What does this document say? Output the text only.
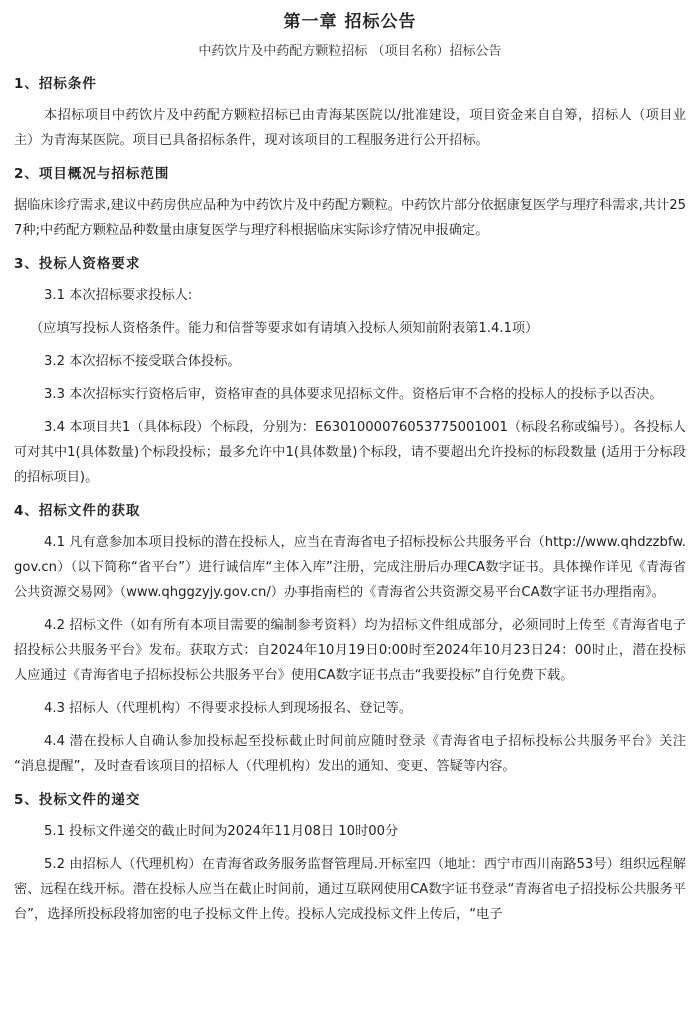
第一章 招标公告
中药饮片及中药配方颗粒招标 （项目名称）招标公告
1、招标条件

本招标项目中药饮片及中药配方颗粒招标已由青海某医院以/批准建设，项目资金来自自筹，招标人（项目业主）为青海某医院。项目已具备招标条件，现对该项目的工程服务进行公开招标。

2、项目概况与招标范围

据临床诊疗需求,建议中药房供应品种为中药饮片及中药配方颗粒。中药饮片部分依据康复医学与理疗科需求,共计257种;中药配方颗粒品种数量由康复医学与理疗科根据临床实际诊疗情况申报确定。

3、投标人资格要求

3.1 本次招标要求投标人:

（应填写投标人资格条件。能力和信誉等要求如有请填入投标人须知前附表第1.4.1项）

3.2 本次招标不接受联合体投标。

3.3 本次招标实行资格后审，资格审查的具体要求见招标文件。资格后审不合格的投标人的投标予以否决。

3.4 本项目共1（具体标段）个标段，分别为：E6301000076053775001001（标段名称或编号）。各投标人可对其中1(具体数量)个标段投标；最多允许中1(具体数量)个标段，请不要超出允许投标的标段数量 (适用于分标段的招标项目)。

4、招标文件的获取

4.1 凡有意参加本项目投标的潜在投标人，应当在青海省电子招标投标公共服务平台（http://www.qhdzzbfw.gov.cn）（以下简称“省平台”）进行诚信库“主体入库”注册，完成注册后办理CA数字证书。具体操作详见《青海省公共资源交易网》（www.qhggzyjy.gov.cn/）办事指南栏的《青海省公共资源交易平台CA数字证书办理指南》。

4.2 招标文件（如有所有本项目需要的编制参考资料）均为招标文件组成部分，必须同时上传至《青海省电子招投标公共服务平台》发布。获取方式：自2024年10月19日0:00时至2024年10月23日24：00时止，潜在投标人应通过《青海省电子招标投标公共服务平台》使用CA数字证书点击“我要投标”自行免费下载。

4.3 招标人（代理机构）不得要求投标人到现场报名、登记等。

4.4 潜在投标人自确认参加投标起至投标截止时间前应随时登录《青海省电子招标投标公共服务平台》关注 “消息提醒”，及时查看该项目的招标人（代理机构）发出的通知、变更、答疑等内容。

5、投标文件的递交

5.1 投标文件递交的截止时间为2024年11月08日 10时00分

5.2 由招标人（代理机构）在青海省政务服务监督管理局.开标室四（地址：西宁市西川南路53号）组织远程解密、远程在线开标。潜在投标人应当在截止时间前，通过互联网使用CA数字证书登录“青海省电子招投标公共服务平台”，选择所投标段将加密的电子投标文件上传。投标人完成投标文件上传后，“电子
